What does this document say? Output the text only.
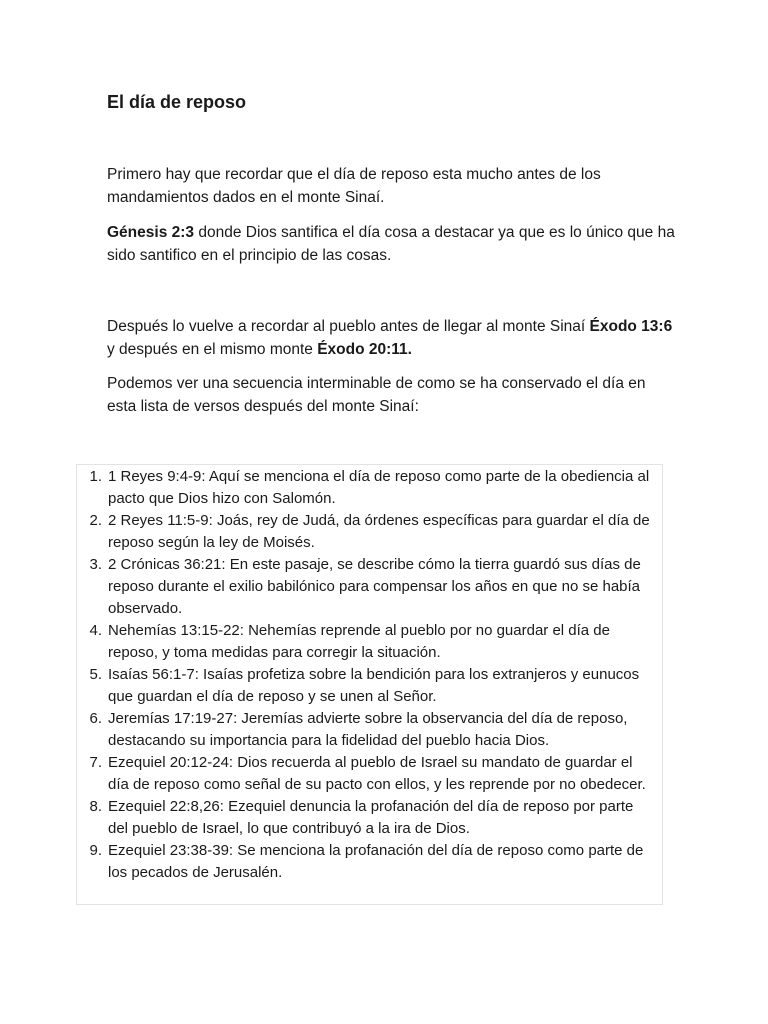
El día de reposo

Primero hay que recordar que el día de reposo esta mucho antes de los mandamientos dados en el monte Sinaí.

Génesis 2:3 donde Dios santifica el día cosa a destacar ya que es lo único que ha sido santifico en el principio de las cosas.

Después lo vuelve a recordar al pueblo antes de llegar al monte Sinaí Éxodo 13:6 y después en el mismo monte Éxodo 20:11.

Podemos ver una secuencia interminable de como se ha conservado el día en esta lista de versos después del monte Sinaí:

1. 1 Reyes 9:4-9: Aquí se menciona el día de reposo como parte de la obediencia al pacto que Dios hizo con Salomón.
2. 2 Reyes 11:5-9: Joás, rey de Judá, da órdenes específicas para guardar el día de reposo según la ley de Moisés.
3. 2 Crónicas 36:21: En este pasaje, se describe cómo la tierra guardó sus días de reposo durante el exilio babilónico para compensar los años en que no se había observado.
4. Nehemías 13:15-22: Nehemías reprende al pueblo por no guardar el día de reposo, y toma medidas para corregir la situación.
5. Isaías 56:1-7: Isaías profetiza sobre la bendición para los extranjeros y eunucos que guardan el día de reposo y se unen al Señor.
6. Jeremías 17:19-27: Jeremías advierte sobre la observancia del día de reposo, destacando su importancia para la fidelidad del pueblo hacia Dios.
7. Ezequiel 20:12-24: Dios recuerda al pueblo de Israel su mandato de guardar el día de reposo como señal de su pacto con ellos, y les reprende por no obedecer.
8. Ezequiel 22:8,26: Ezequiel denuncia la profanación del día de reposo por parte del pueblo de Israel, lo que contribuyó a la ira de Dios.
9. Ezequiel 23:38-39: Se menciona la profanación del día de reposo como parte de los pecados de Jerusalén.
